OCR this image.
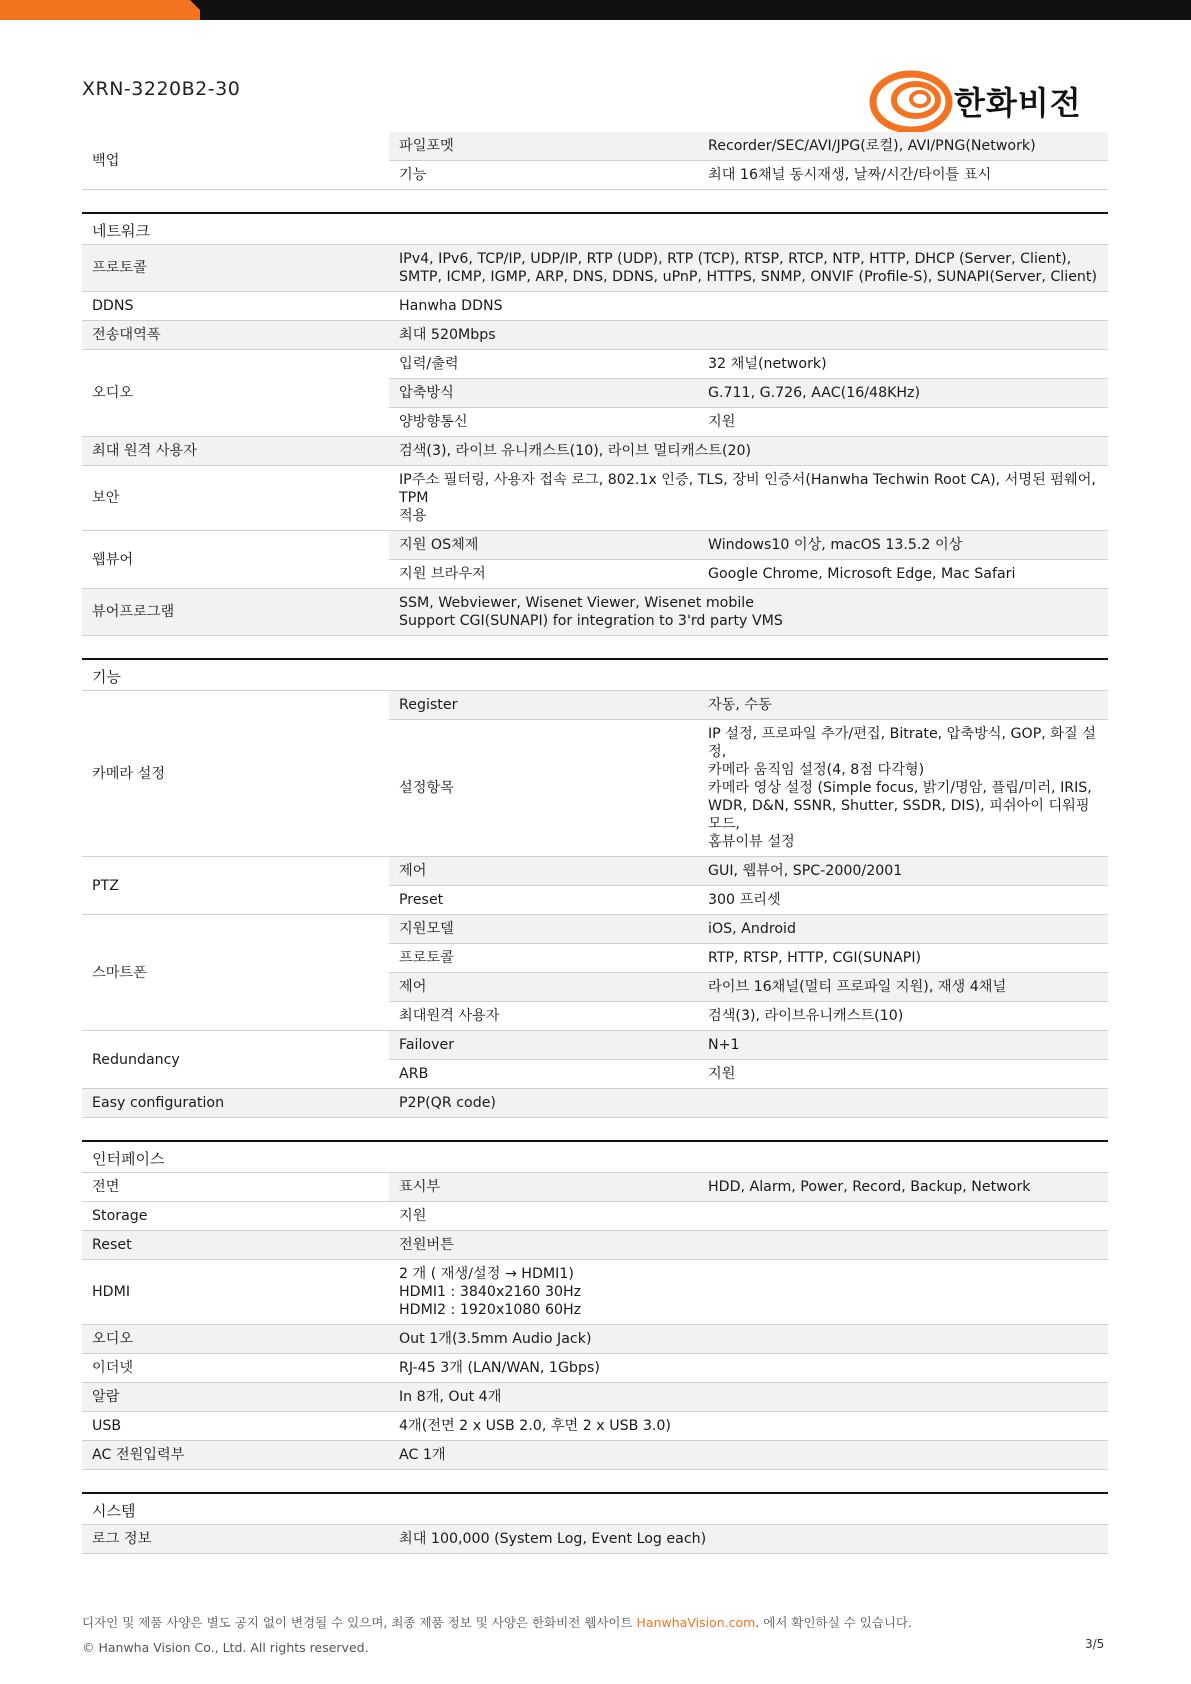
XRN-3220B2-30	한화비전
백업	파일포멧	Recorder/SEC/AVI/JPG(로컬), AVI/PNG(Network)
	기능	최대 16채널 동시재생, 날짜/시간/타이틀 표시
네트워크
프로토콜	IPv4, IPv6, TCP/IP, UDP/IP, RTP (UDP), RTP (TCP), RTSP, RTCP, NTP, HTTP, DHCP (Server, Client),
SMTP, ICMP, IGMP, ARP, DNS, DDNS, uPnP, HTTPS, SNMP, ONVIF (Profile-S), SUNAPI(Server, Client)	
DDNS	Hanwha DDNS	
전송대역폭	최대 520Mbps	
오디오	입력/출력	32 채널(network)
	압축방식	G.711, G.726, AAC(16/48KHz)
	양방향통신	지원
최대 원격 사용자	검색(3), 라이브 유니캐스트(10), 라이브 멀티캐스트(20)	
보안	IP주소 필터링, 사용자 접속 로그, 802.1x 인증, TLS, 장비 인증서(Hanwha Techwin Root CA), 서명된 펌웨어, TPM
적용	
웹뷰어	지원 OS체제	Windows10 이상, macOS 13.5.2 이상
	지원 브라우저	Google Chrome, Microsoft Edge, Mac Safari
뷰어프로그램	SSM, Webviewer, Wisenet Viewer, Wisenet mobile
Support CGI(SUNAPI) for integration to 3'rd party VMS	
기능
카메라 설정	Register	자동, 수동
	설정항목	IP 설정, 프로파일 추가/편집, Bitrate, 압축방식, GOP, 화질 설정,
카메라 움직임 설정(4, 8점 다각형)
카메라 영상 설정 (Simple focus, 밝기/명암, 플립/미러, IRIS,
WDR, D&N, SSNR, Shutter, SSDR, DIS), 피쉬아이 디워핑 모드,
홈뷰이뷰 설정
PTZ	제어	GUI, 웹뷰어, SPC-2000/2001
	Preset	300 프리셋
스마트폰	지원모델	iOS, Android
	프로토콜	RTP, RTSP, HTTP, CGI(SUNAPI)
	제어	라이브 16채널(멀티 프로파일 지원), 재생 4채널
	최대원격 사용자	검색(3), 라이브유니캐스트(10)
Redundancy	Failover	N+1
	ARB	지원
Easy configuration	P2P(QR code)	
인터페이스
전면	표시부	HDD, Alarm, Power, Record, Backup, Network
Storage	지원	
Reset	전원버튼	
HDMI	2 개 ( 재생/설정 → HDMI1)
HDMI1 : 3840x2160 30Hz
HDMI2 : 1920x1080 60Hz	
오디오	Out 1개(3.5mm Audio Jack)	
이더넷	RJ-45 3개 (LAN/WAN, 1Gbps)	
알람	In 8개, Out 4개	
USB	4개(전면 2 x USB 2.0, 후면 2 x USB 3.0)	
AC 전원입력부	AC 1개	
시스템
로그 정보	최대 100,000 (System Log, Event Log each)
디자인 및 제품 사양은 별도 공지 없이 변경될 수 있으며, 최종 제품 정보 및 사양은 한화비전 웹사이트 HanwhaVision.com. 에서 확인하실 수 있습니다.
© Hanwha Vision Co., Ltd. All rights reserved.	3/5
